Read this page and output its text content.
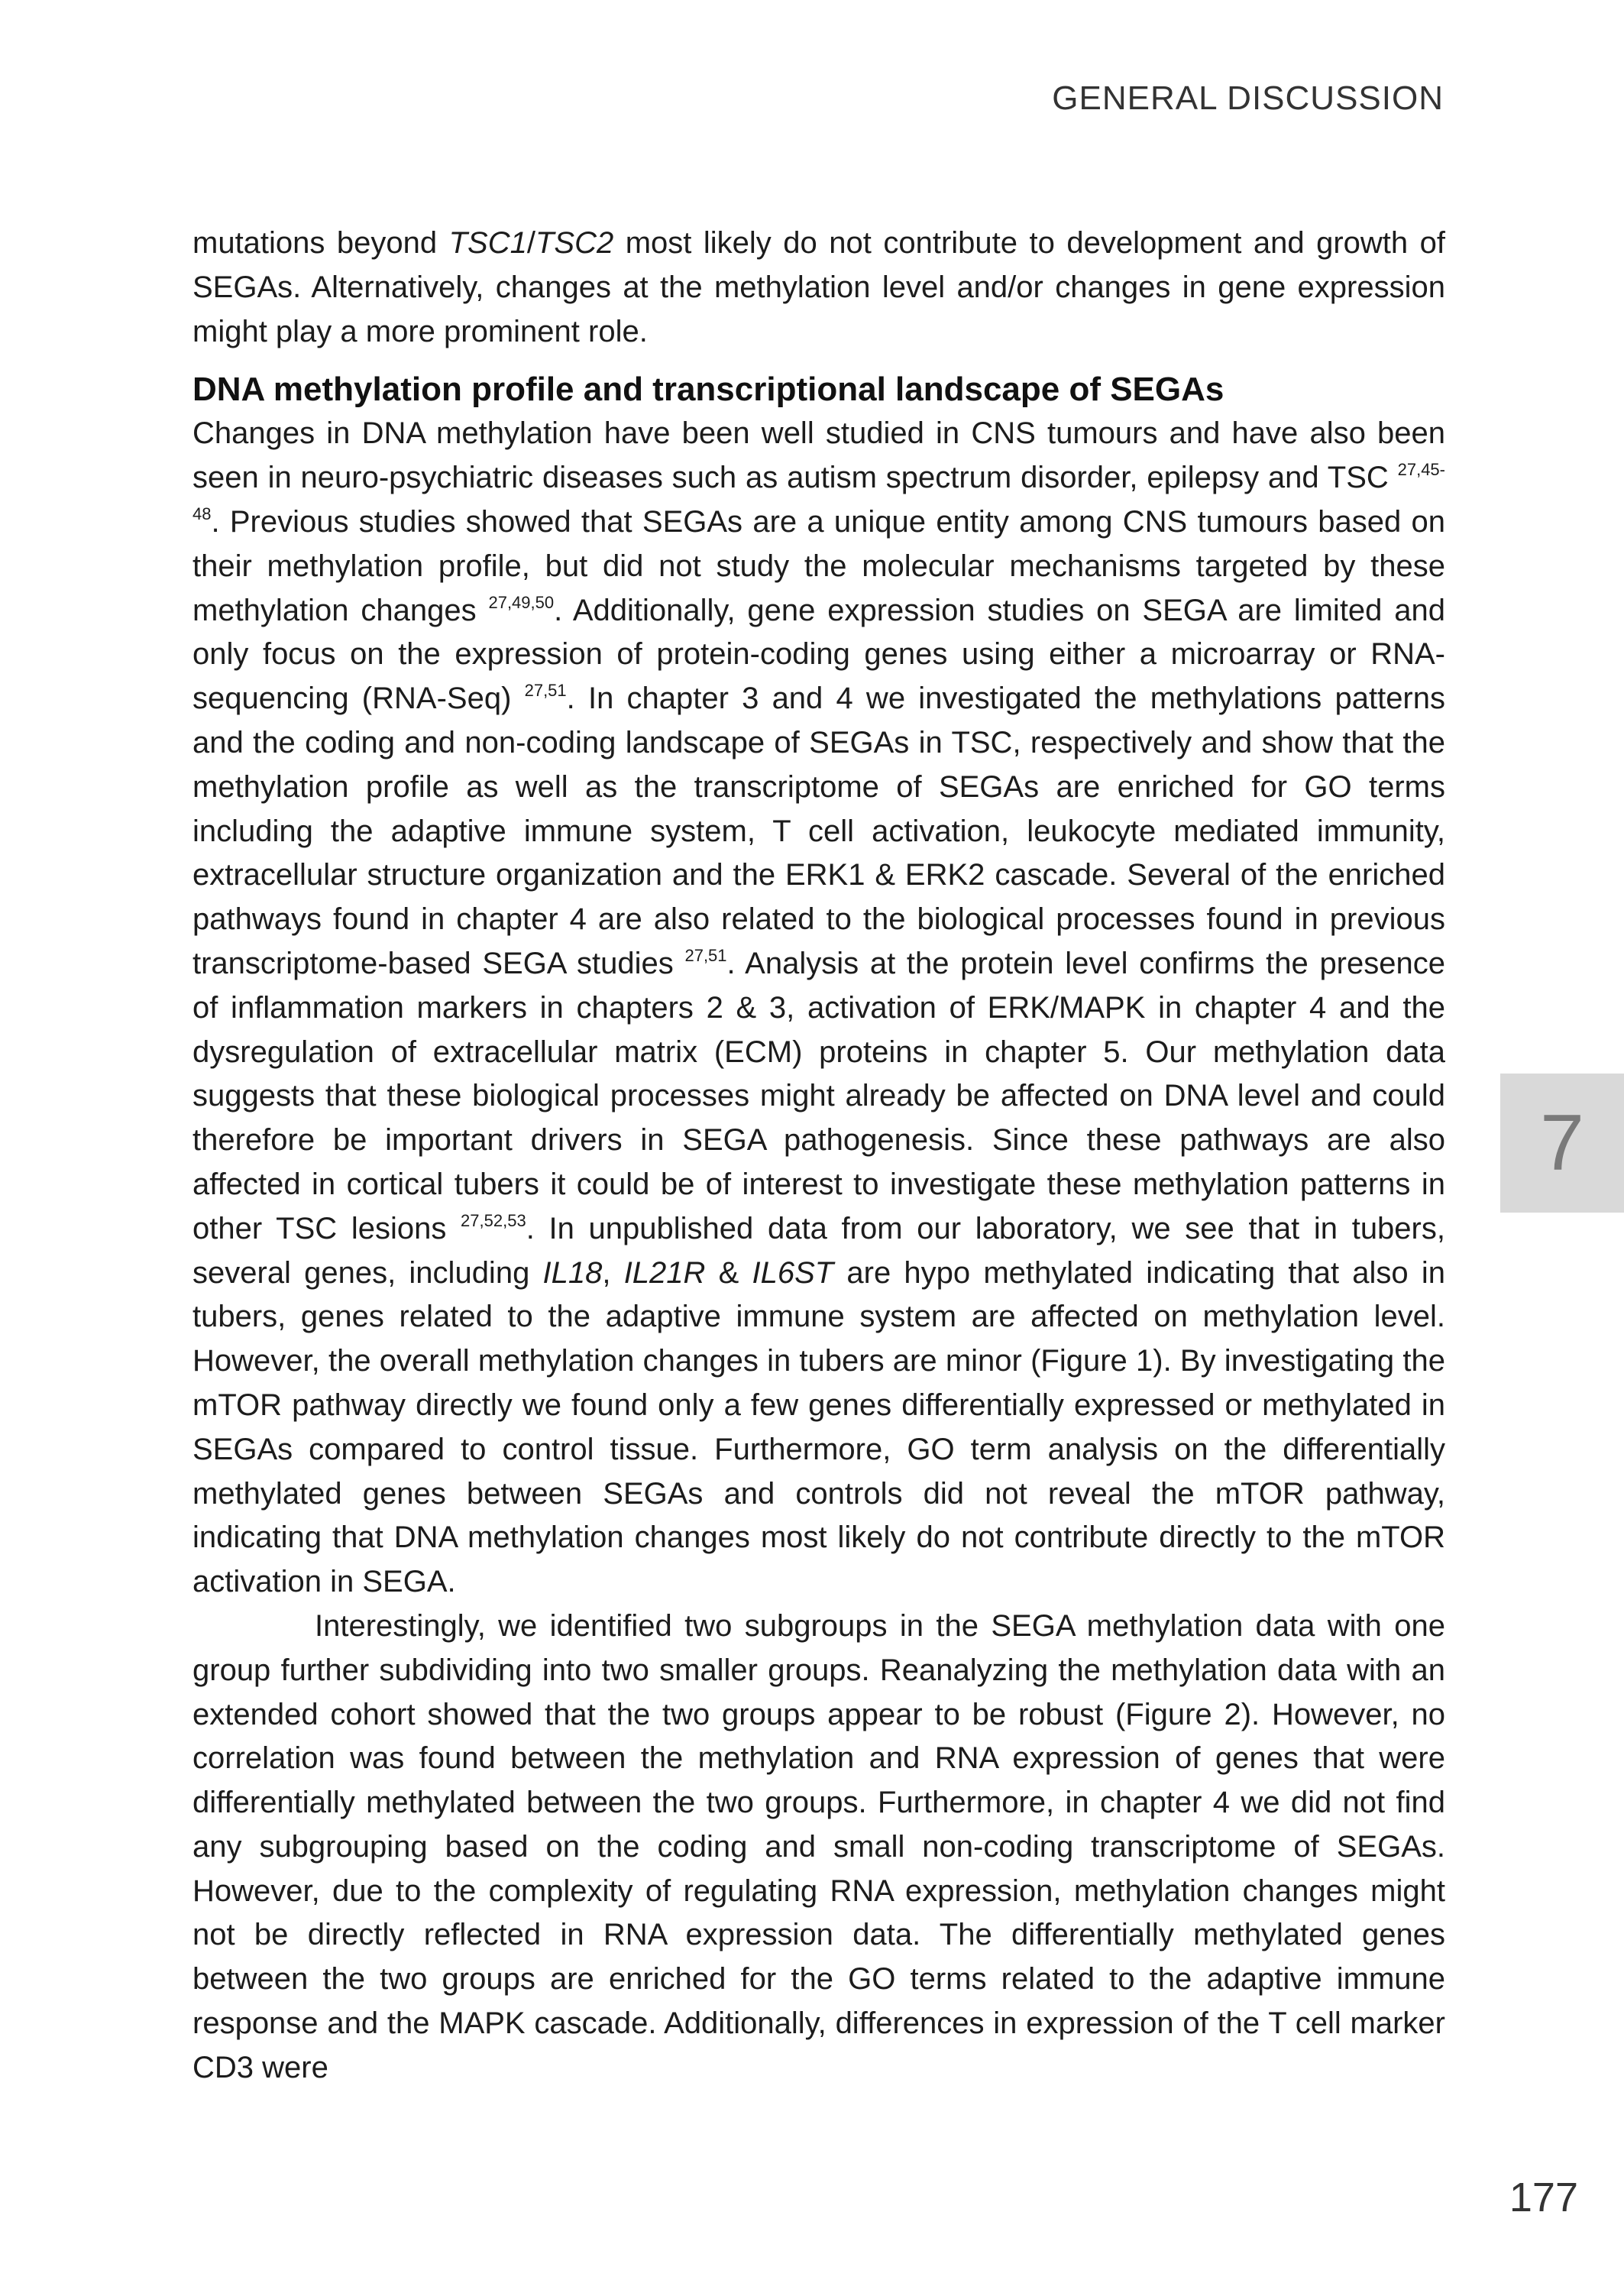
GENERAL DISCUSSION

mutations beyond TSC1/TSC2 most likely do not contribute to development and growth of SEGAs. Alternatively, changes at the methylation level and/or changes in gene expression might play a more prominent role.

DNA methylation profile and transcriptional landscape of SEGAs

Changes in DNA methylation have been well studied in CNS tumours and have also been seen in neuro-psychiatric diseases such as autism spectrum disorder, epilepsy and TSC $^{27,45-48}$. Previous studies showed that SEGAs are a unique entity among CNS tumours based on their methylation profile, but did not study the molecular mechanisms targeted by these methylation changes $^{27,49,50}$. Additionally, gene expression studies on SEGA are limited and only focus on the expression of protein-coding genes using either a microarray or RNA-sequencing (RNA-Seq) $^{27,51}$. In chapter 3 and 4 we investigated the methylations patterns and the coding and non-coding landscape of SEGAs in TSC, respectively and show that the methylation profile as well as the transcriptome of SEGAs are enriched for GO terms including the adaptive immune system, T cell activation, leukocyte mediated immunity, extracellular structure organization and the ERK1 & ERK2 cascade. Several of the enriched pathways found in chapter 4 are also related to the biological processes found in previous transcriptome-based SEGA studies $^{27,51}$. Analysis at the protein level confirms the presence of inflammation markers in chapters 2 & 3, activation of ERK/MAPK in chapter 4 and the dysregulation of extracellular matrix (ECM) proteins in chapter 5. Our methylation data suggests that these biological processes might already be affected on DNA level and could therefore be important drivers in SEGA pathogenesis. Since these pathways are also affected in cortical tubers it could be of interest to investigate these methylation patterns in other TSC lesions $^{27,52,53}$. In unpublished data from our laboratory, we see that in tubers, several genes, including IL18, IL21R & IL6ST are hypo methylated indicating that also in tubers, genes related to the adaptive immune system are affected on methylation level. However, the overall methylation changes in tubers are minor (Figure 1). By investigating the mTOR pathway directly we found only a few genes differentially expressed or methylated in SEGAs compared to control tissue. Furthermore, GO term analysis on the differentially methylated genes between SEGAs and controls did not reveal the mTOR pathway, indicating that DNA methylation changes most likely do not contribute directly to the mTOR activation in SEGA.

Interestingly, we identified two subgroups in the SEGA methylation data with one group further subdividing into two smaller groups. Reanalyzing the methylation data with an extended cohort showed that the two groups appear to be robust (Figure 2). However, no correlation was found between the methylation and RNA expression of genes that were differentially methylated between the two groups. Furthermore, in chapter 4 we did not find any subgrouping based on the coding and small non-coding transcriptome of SEGAs. However, due to the complexity of regulating RNA expression, methylation changes might not be directly reflected in RNA expression data. The differentially methylated genes between the two groups are enriched for the GO terms related to the adaptive immune response and the MAPK cascade. Additionally, differences in expression of the T cell marker CD3 were

7
177
